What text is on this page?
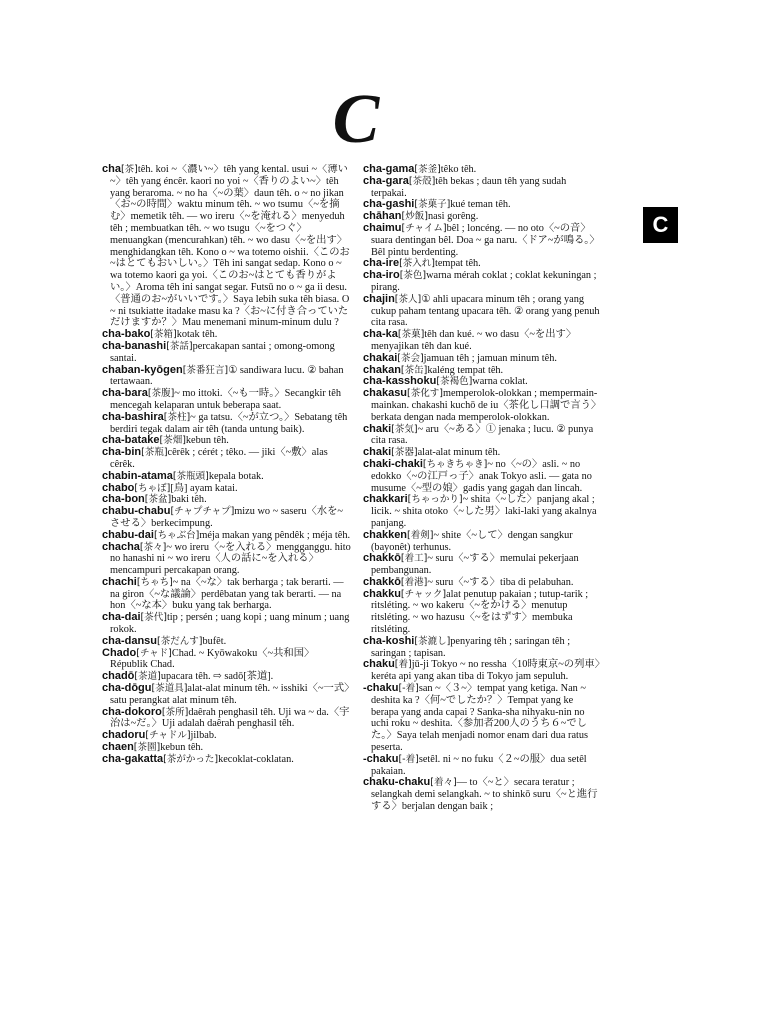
C
C

cha[茶]têh. koi ~〈濃い~〉têh yang kental. usui ~〈薄い~〉têh yang éncêr. kaori no yoi ~〈香りのよい~〉têh yang beraroma. ~ no ha〈~の葉〉daun têh. o ~ no jikan〈お~の時間〉waktu minum têh. ~ wo tsumu〈~を摘む〉memetik têh. ― wo ireru〈~を淹れる〉menyeduh têh ; membuatkan têh. ~ wo tsugu〈~をつぐ〉menuangkan (mencurahkan) têh. ~ wo dasu〈~を出す〉menghidangkan têh. Kono o ~ wa totemo oishii.〈このお~はとてもおいしい。〉Têh ini sangat sedap. Kono o ~ wa totemo kaori ga yoi.〈このお~はとても香りがよい。〉Aroma têh ini sangat segar. Futsū no o ~ ga ii desu.〈普通のお~がいいです。〉Saya lebih suka têh biasa. O ~ ni tsukiatte itadake masu ka ?〈お~に付き合っていただけますか？〉Mau menemani minum-minum dulu ?

cha-bako[茶箱]kotak têh.

cha-banashi[茶話]percakapan santai ; omong-omong santai.

chaban-kyōgen[茶番狂言]① sandiwara lucu. ② bahan tertawaan.

cha-bara[茶腹]~ mo ittoki.〈~も一時。〉Secangkir têh mencegah kelaparan untuk beberapa saat.

cha-bashira[茶柱]~ ga tatsu.〈~が立つ。〉Sebatang têh berdiri tegak dalam air têh (tanda untung baik).

cha-batake[茶畑]kebun têh.

cha-bin[茶瓶]cêrêk ; cérét ; têko. ― jiki〈~敷〉alas cêrêk.

chabin-atama[茶瓶頭]kepala botak.

chabo[ちゃぼ][鳥] ayam katai.

cha-bon[茶盆]baki têh.

chabu-chabu[チャプチャプ]mizu wo ~ saseru〈水を~させる〉berkecimpung.

chabu-dai[ちゃぶ台]méja makan yang pêndêk ; méja têh.

chacha[茶々]~ wo ireru〈~を入れる〉mengganggu. hito no hanashi ni ~ wo ireru〈人の話に~を入れる〉mencampuri percakapan orang.

chachi[ちゃち]~ na〈~な〉tak berharga ; tak berarti. ― na giron〈~な議論〉perdêbatan yang tak berarti. ― na hon〈~な本〉buku yang tak berharga.

cha-dai[茶代]tip ; persén ; uang kopi ; uang minum ; uang rokok.

cha-dansu[茶だんす]bufêt.

Chado[チャド]Chad. ~ Kyōwakoku〈~共和国〉Républik Chad.

chadō[茶道]upacara têh. ⇨ sadō[茶道].

cha-dōgu[茶道具]alat-alat minum têh. ~ isshiki〈~一式〉satu perangkat alat minum têh.

cha-dokoro[茶所]daêrah penghasil têh. Uji wa ~ da.〈宇治は~だ。〉Uji adalah daêrah penghasil têh.

chadoru[チャドル]jilbab.

chaen[茶園]kebun têh.

cha-gakatta[茶がかった]kecoklat-coklatan.

cha-gama[茶釜]têko têh.

cha-gara[茶殻]têh bekas ; daun têh yang sudah terpakai.

cha-gashi[茶菓子]kué teman têh.

chāhan[炒飯]nasi gorêng.

chaimu[チャイム]bêl ; loncéng. ― no oto〈~の音〉suara dentingan bêl. Doa ~ ga naru.〈ドア~が鳴る。〉Bêl pintu berdenting.

cha-ire[茶入れ]tempat têh.

cha-iro[茶色]warna mérah coklat ; coklat kekuningan ; pirang.

chajin[茶人]① ahli upacara minum têh ; orang yang cukup paham tentang upacara têh. ② orang yang penuh cita rasa.

cha-ka[茶菓]têh dan kué. ~ wo dasu〈~を出す〉menyajikan têh dan kué.

chakai[茶会]jamuan têh ; jamuan minum têh.

chakan[茶缶]kaléng tempat têh.

cha-kasshoku[茶褐色]warna coklat.

chakasu[茶化す]memperolok-olokkan ; mempermain-mainkan. chakashi kuchō de iu〈茶化し口調で言う〉berkata dengan nada memperolok-olokkan.

chaki[茶気]~ aru〈~ある〉① jenaka ; lucu. ② punya cita rasa.

chaki[茶器]alat-alat minum têh.

chaki-chaki[ちゃきちゃき]~ no〈~の〉asli. ~ no edokko〈~の江戸っ子〉anak Tokyo asli. ― gata no musume〈~型の娘〉gadis yang gagah dan lincah.

chakkari[ちゃっかり]~ shita〈~した〉panjang akal ; licik. ~ shita otoko〈~した男〉laki-laki yang akalnya panjang.

chakken[着剣]~ shite〈~して〉dengan sangkur (bayonêt) terhunus.

chakkō[着工]~ suru〈~する〉memulai pekerjaan pembangunan.

chakkō[着港]~ suru〈~する〉tiba di pelabuhan.

chakku[チャック]alat penutup pakaian ; tutup-tarik ; ritsléting. ~ wo kakeru〈~をかける〉menutup ritsléting. ~ wo hazusu〈~をはずす〉membuka ritsléting.

cha-koshi[茶漉し]penyaring têh ; saringan têh ; saringan ; tapisan.

chaku[着]jū-ji Tokyo ~ no ressha〈10時東京~の列車〉keréta api yang akan tiba di Tokyo jam sepuluh.

-chaku[-着]san ~〈３~〉tempat yang ketiga. Nan ~ deshita ka ?〈何~でしたか？〉Tempat yang ke berapa yang anda capai ? Sanka-sha nihyaku-nin no uchi roku ~ deshita.〈参加者200人のうち６~でした。〉Saya telah menjadi nomor enam dari dua ratus peserta.

-chaku[-着]setêl. ni ~ no fuku〈２~の服〉dua setêl pakaian.

chaku-chaku[着々]― to〈~と〉secara teratur ; selangkah demi selangkah. ~ to shinkō suru〈~と進行する〉berjalan dengan baik ;
